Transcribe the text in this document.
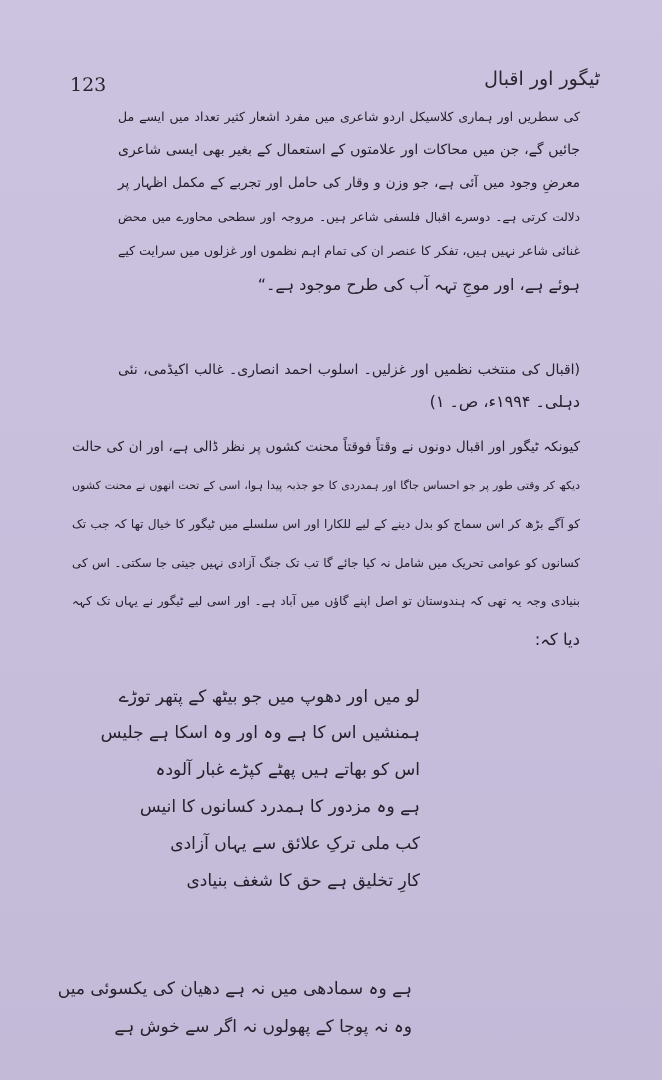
123	ٹیگور اور اقبال
کی سطریں اور ہماری کلاسیکل اردو شاعری میں مفرد اشعار کثیر تعداد میں ایسے مل
جائیں گے، جن میں محاکات اور علامتوں کے استعمال کے بغیر بھی ایسی شاعری
معرضِ وجود میں آئی ہے، جو وزن و وقار کی حامل اور تجربے کے مکمل اظہار پر
دلالت کرتی ہے۔ دوسرے اقبال فلسفی شاعر ہیں۔ مروجہ اور سطحی محاورے میں محض
غنائی شاعر نہیں ہیں، تفکر کا عنصر ان کی تمام اہم نظموں اور غزلوں میں سرایت کیے
ہوئے ہے، اور موجِ تہہ آب کی طرح موجود ہے۔“
(اقبال کی منتخب نظمیں اور غزلیں۔ اسلوب احمد انصاری۔ غالب اکیڈمی، نئی
دہلی۔ ۱۹۹۴ء، ص۔ ۱)
کیونکہ ٹیگور اور اقبال دونوں نے وقتاً فوقتاً محنت کشوں پر نظر ڈالی ہے، اور ان کی حالت
دیکھ کر وقتی طور پر جو احساس جاگا اور ہمدردی کا جو جذبہ پیدا ہوا، اسی کے تحت انھوں نے محنت کشوں
کو آگے بڑھ کر اس سماج کو بدل دینے کے لیے للکارا اور اس سلسلے میں ٹیگور کا خیال تھا کہ جب تک
کسانوں کو عوامی تحریک میں شامل نہ کیا جائے گا تب تک جنگ آزادی نہیں جیتی جا سکتی۔ اس کی
بنیادی وجہ یہ تھی کہ ہندوستان تو اصل اپنے گاؤں میں آباد ہے۔ اور اسی لیے ٹیگور نے یہاں تک کہہ
دیا کہ:
لو میں اور دھوپ میں جو بیٹھ کے پتھر توڑے
ہمنشیں اس کا ہے وہ اور وہ اسکا ہے جلیس
اس کو بھاتے ہیں پھٹے کپڑے غبار آلودہ
ہے وہ مزدور کا ہمدرد کسانوں کا انیس
کب ملی ترکِ علائق سے یہاں آزادی
کارِ تخلیق ہے حق کا شغف بنیادی
ہے وہ سمادھی میں نہ ہے دھیان کی یکسوئی میں
وہ نہ پوجا کے پھولوں نہ اگر سے خوش ہے
